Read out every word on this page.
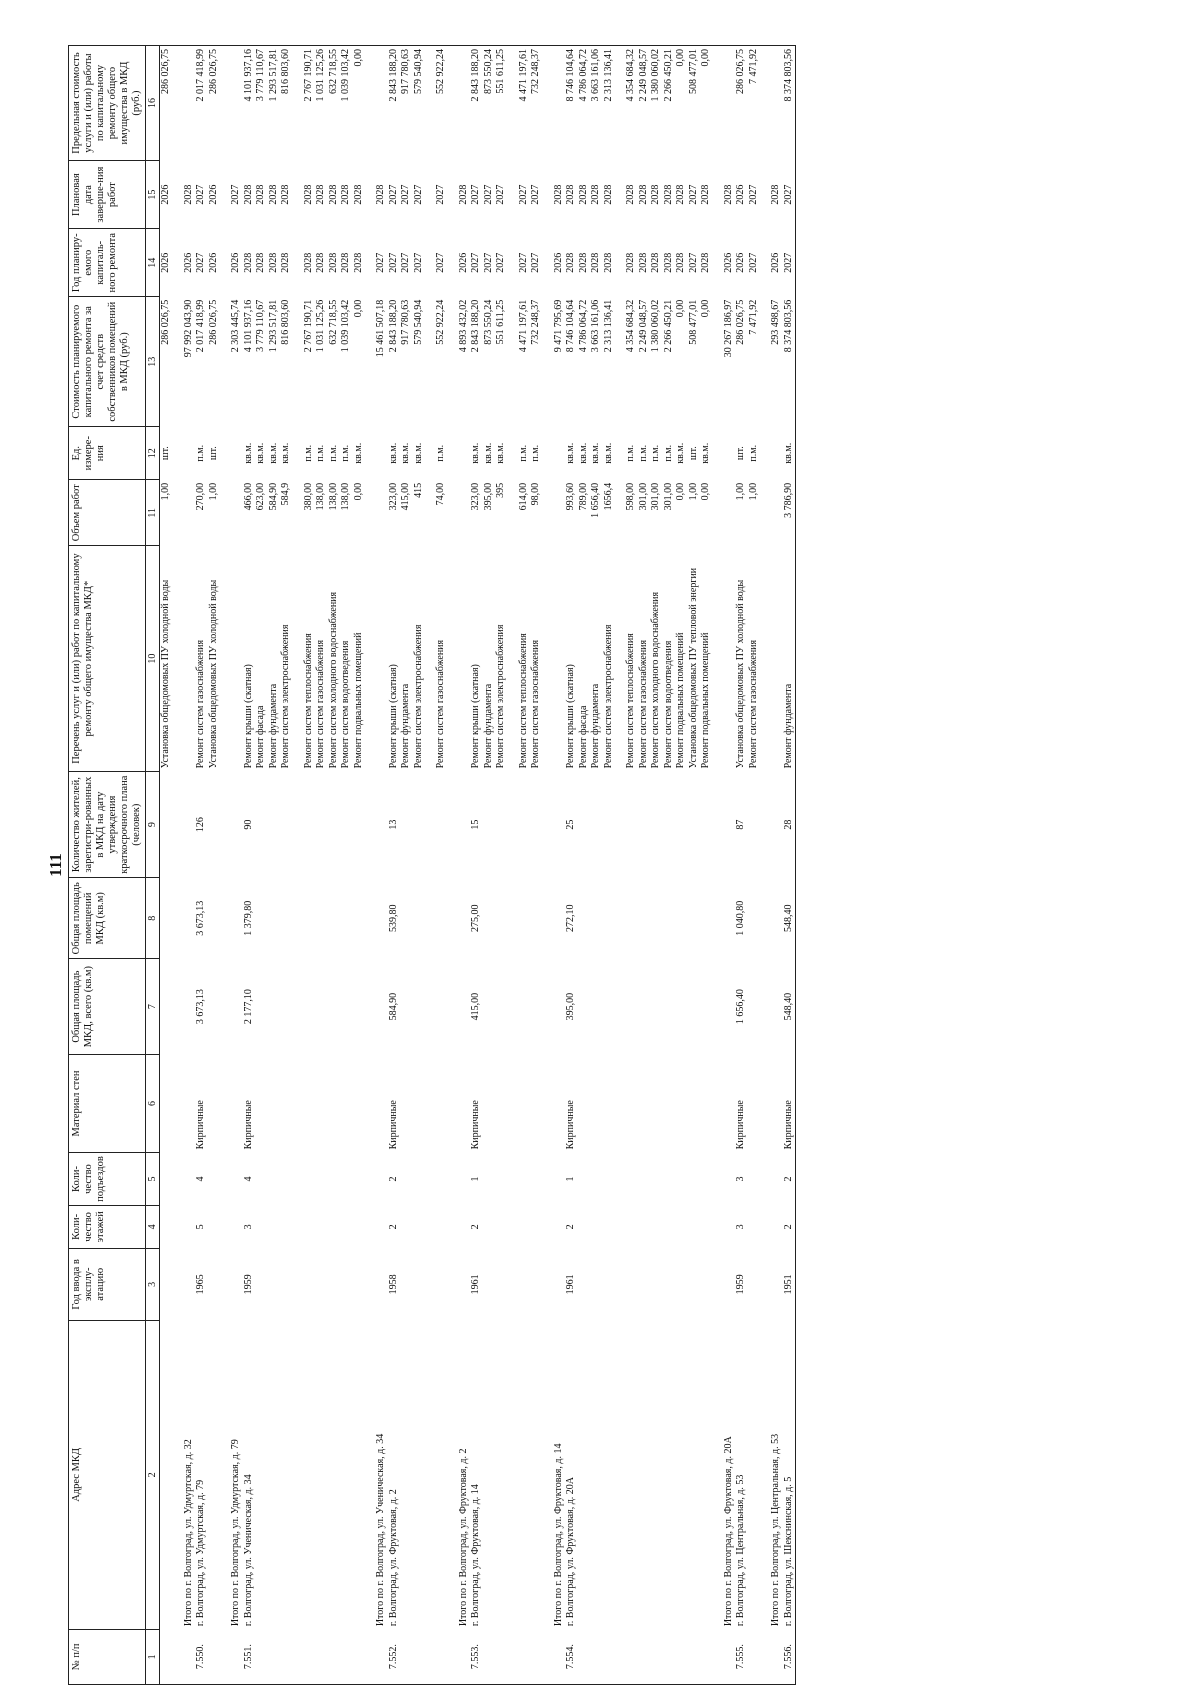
111
№ п/п	Адрес МКД	Год ввода в эксплу-атацию	Коли-чество этажей	Коли-чество подъездов	Материал стен	Общая площадь МКД, всего (кв.м)	Общая площадь помещений МКД (кв.м)	Количество жителей, зарегистри-рованных в МКД на дату утверждения краткосрочного плана (человек)	Перечень услуг и (или) работ по капитальному ремонту общего имущества МКД*	Объем работ	Ед. измере-ния	Стоимость планируемого капитального ремонта за счет средств собственников помещений в МКД (руб.)	Год планиру-емого капиталь-ного ремонта	Плановая дата заверше-ния работ	Предельная стоимость услуги и (или) работы по капитальному ремонту общего имущества в МКД (руб.)
1	2	3	4	5	6	7	8	9	10	11	12	13	14	15	16
									Установка общедомовых ПУ холодной воды	1,00	шт.	286 026,75	2026	2026	286 026,75
	Итого по г. Волгоград, ул. Удмуртская, д. 32											97 992 043,90	2026	2028	
7.550.	г. Волгоград, ул. Удмуртская, д. 79	1965	5	4	Кирпичные	3 673,13	3 673,13	126	Ремонт систем газоснабжения	270,00	п.м.	2 017 418,99	2027	2027	2 017 418,99
									Установка общедомовых ПУ холодной воды	1,00	шт.	286 026,75	2026	2026	286 026,75
	Итого по г. Волгоград, ул. Удмуртская, д. 79											2 303 445,74	2026	2027	
7.551.	г. Волгоград, ул. Ученическая, д. 34	1959	3	4	Кирпичные	2 177,10	1 379,80	90	Ремонт крыши (скатная)	466,00	кв.м.	4 101 937,16	2028	2028	4 101 937,16
									Ремонт фасада	623,00	кв.м.	3 779 110,67	2028	2028	3 779 110,67
									Ремонт фундамента	584,90	кв.м.	1 293 517,81	2028	2028	1 293 517,81
									Ремонт систем электроснабжения	584,9	кв.м.	816 803,60	2028	2028	816 803,60
									Ремонт систем теплоснабжения	380,00	п.м.	2 767 190,71	2028	2028	2 767 190,71
									Ремонт систем газоснабжения	138,00	п.м.	1 031 125,26	2028	2028	1 031 125,26
									Ремонт систем холодного водоснабжения	138,00	п.м.	632 718,55	2028	2028	632 718,55
									Ремонт систем водоотведения	138,00	п.м.	1 039 103,42	2028	2028	1 039 103,42
									Ремонт подвальных помещений	0,00	кв.м.	0,00	2028	2028	0,00
	Итого по г. Волгоград, ул. Ученическая, д. 34											15 461 507,18	2027	2028	
7.552.	г. Волгоград, ул. Фруктовая, д. 2	1958	2	2	Кирпичные	584,90	539,80	13	Ремонт крыши (скатная)	323,00	кв.м.	2 843 188,20	2027	2027	2 843 188,20
									Ремонт фундамента	415,00	кв.м.	917 780,63	2027	2027	917 780,63
									Ремонт систем электроснабжения	415	кв.м.	579 540,94	2027	2027	579 540,94
									Ремонт систем газоснабжения	74,00	п.м.	552 922,24	2027	2027	552 922,24
	Итого по г. Волгоград, ул. Фруктовая, д. 2											4 893 432,02	2026	2028	
7.553.	г. Волгоград, ул. Фруктовая, д. 14	1961	2	1	Кирпичные	415,00	275,00	15	Ремонт крыши (скатная)	323,00	кв.м.	2 843 188,20	2027	2027	2 843 188,20
									Ремонт фундамента	395,00	кв.м.	873 550,24	2027	2027	873 550,24
									Ремонт систем электроснабжения	395	кв.м.	551 611,25	2027	2027	551 611,25
									Ремонт систем теплоснабжения	614,00	п.м.	4 471 197,61	2027	2027	4 471 197,61
									Ремонт систем газоснабжения	98,00	п.м.	732 248,37	2027	2027	732 248,37
	Итого по г. Волгоград, ул. Фруктовая, д. 14											9 471 795,69	2026	2028	
7.554.	г. Волгоград, ул. Фруктовая, д. 20А	1961	2	1	Кирпичные	395,00	272,10	25	Ремонт крыши (скатная)	993,60	кв.м.	8 746 104,64	2028	2028	8 746 104,64
									Ремонт фасада	789,00	кв.м.	4 786 064,72	2028	2028	4 786 064,72
									Ремонт фундамента	1 656,40	кв.м.	3 663 161,06	2028	2028	3 663 161,06
									Ремонт систем электроснабжения	1656,4	кв.м.	2 313 136,41	2028	2028	2 313 136,41
									Ремонт систем теплоснабжения	598,00	п.м.	4 354 684,32	2028	2028	4 354 684,32
									Ремонт систем газоснабжения	301,00	п.м.	2 249 048,57	2028	2028	2 249 048,57
									Ремонт систем холодного водоснабжения	301,00	п.м.	1 380 060,02	2028	2028	1 380 060,02
									Ремонт систем водоотведения	301,00	п.м.	2 266 450,21	2028	2028	2 266 450,21
									Ремонт подвальных помещений	0,00	кв.м.	0,00	2028	2028	0,00
									Установка общедомовых ПУ тепловой энергии	1,00	шт.	508 477,01	2027	2027	508 477,01
									Ремонт подвальных помещений	0,00	кв.м.	0,00	2028	2028	0,00
	Итого по г. Волгоград, ул. Фруктовая, д. 20А											30 267 186,97	2026	2028	
7.555.	г. Волгоград, ул. Центральная, д. 53	1959	3	3	Кирпичные	1 656,40	1 040,80	87	Установка общедомовых ПУ холодной воды	1,00	шт.	286 026,75	2026	2026	286 026,75
									Ремонт систем газоснабжения	1,00	п.м.	7 471,92	2027	2027	7 471,92
	Итого по г. Волгоград, ул. Центральная, д. 53											293 498,67	2026	2028	
7.556.	г. Волгоград, ул. Шекснинская, д. 5	1951	2	2	Кирпичные	548,40	548,40	28	Ремонт фундамента	3 786,90	кв.м.	8 374 803,56	2027	2027	8 374 803,56
